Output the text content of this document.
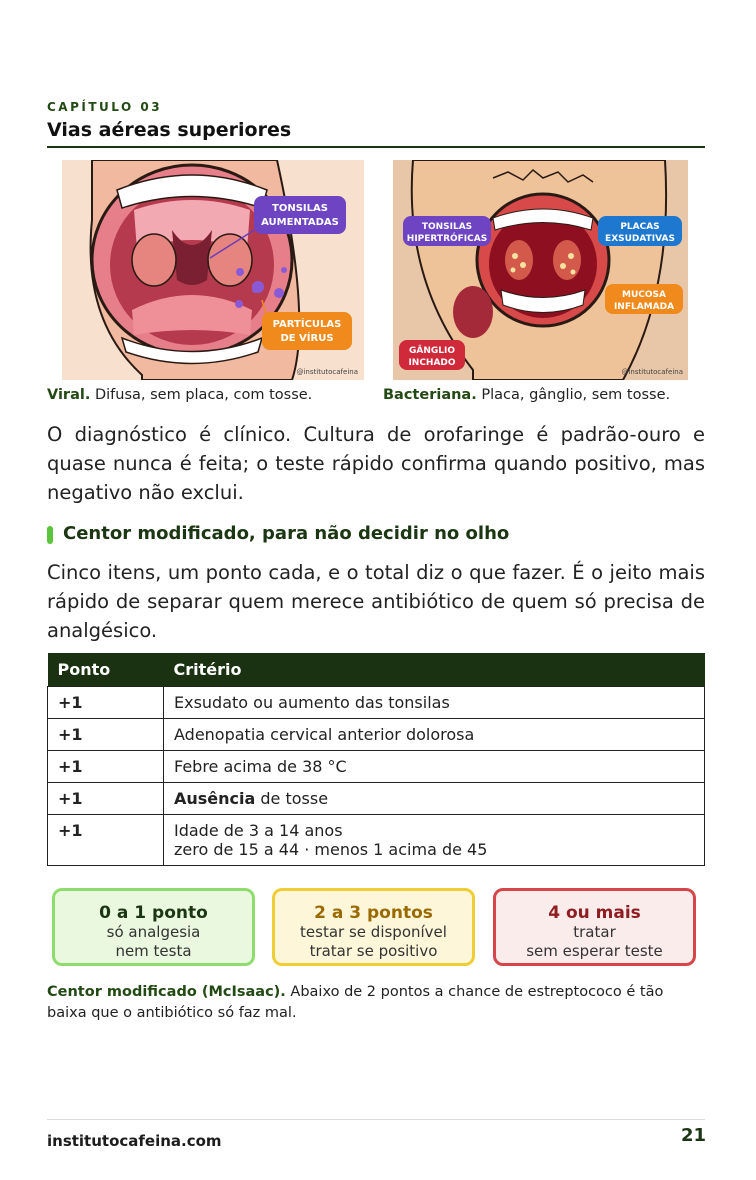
CAPÍTULO 03
Vias aéreas superiores
TONSILAS
AUMENTADAS
PARTÍCULAS
DE VÍRUS
@institutocafeina
TONSILAS
HIPERTRÓFICAS
PLACAS
EXSUDATIVAS
MUCOSA
INFLAMADA
GÂNGLIO
INCHADO
@institutocafeina
Viral. Difusa, sem placa, com tosse.	Bacteriana. Placa, gânglio, sem tosse.
O diagnóstico é clínico. Cultura de orofaringe é padrão-ouro e quase nunca é feita; o teste rápido confirma quando positivo, mas negativo não exclui.
Centor modificado, para não decidir no olho
Cinco itens, um ponto cada, e o total diz o que fazer. É o jeito mais rápido de separar quem merece antibiótico de quem só precisa de analgésico.
Ponto	Critério
+1	Exsudato ou aumento das tonsilas
+1	Adenopatia cervical anterior dolorosa
+1	Febre acima de 38 °C
+1	Ausência de tosse
+1	Idade de 3 a 14 anos
zero de 15 a 44 · menos 1 acima de 45
0 a 1 ponto
só analgesia
nem testa
2 a 3 pontos
testar se disponível
tratar se positivo
4 ou mais
tratar
sem esperar teste
Centor modificado (McIsaac). Abaixo de 2 pontos a chance de estreptococo é tão baixa que o antibiótico só faz mal.
institutocafeina.com	21
